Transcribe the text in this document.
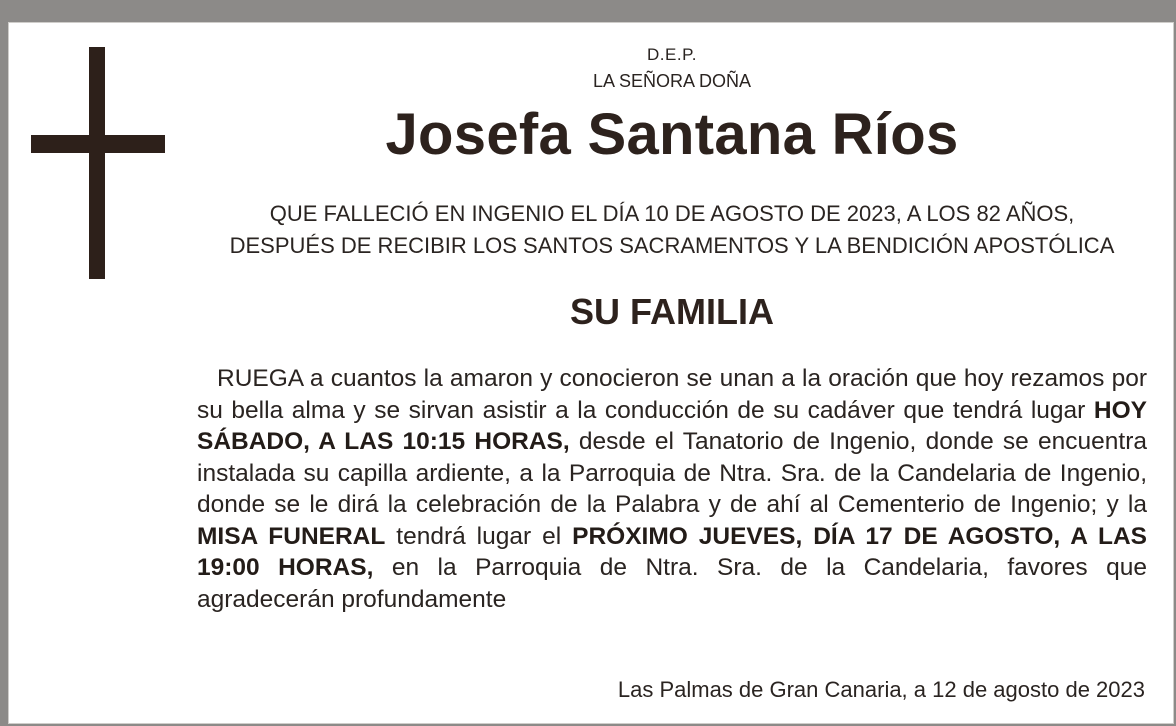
D.E.P.
LA SEÑORA DOÑA
Josefa Santana Ríos
QUE FALLECIÓ EN INGENIO EL DÍA 10 DE AGOSTO DE 2023, A LOS 82 AÑOS,
DESPUÉS DE RECIBIR LOS SANTOS SACRAMENTOS Y LA BENDICIÓN APOSTÓLICA
SU FAMILIA
RUEGA a cuantos la amaron y conocieron se unan a la oración que hoy rezamos por su bella alma y se sirvan asistir a la conducción de su cadáver que tendrá lugar HOY SÁBADO, A LAS 10:15 HORAS, desde el Tanatorio de Ingenio, donde se encuentra instalada su capilla ardiente, a la Parroquia de Ntra. Sra. de la Candelaria de Ingenio, donde se le dirá la celebración de la Palabra y de ahí al Cementerio de Ingenio; y la MISA FUNERAL tendrá lugar el PRÓXIMO JUEVES, DÍA 17 DE AGOSTO, A LAS 19:00 HORAS, en la Parroquia de Ntra. Sra. de la Candelaria, favores que agradecerán profundamente
Las Palmas de Gran Canaria, a 12 de agosto de 2023
